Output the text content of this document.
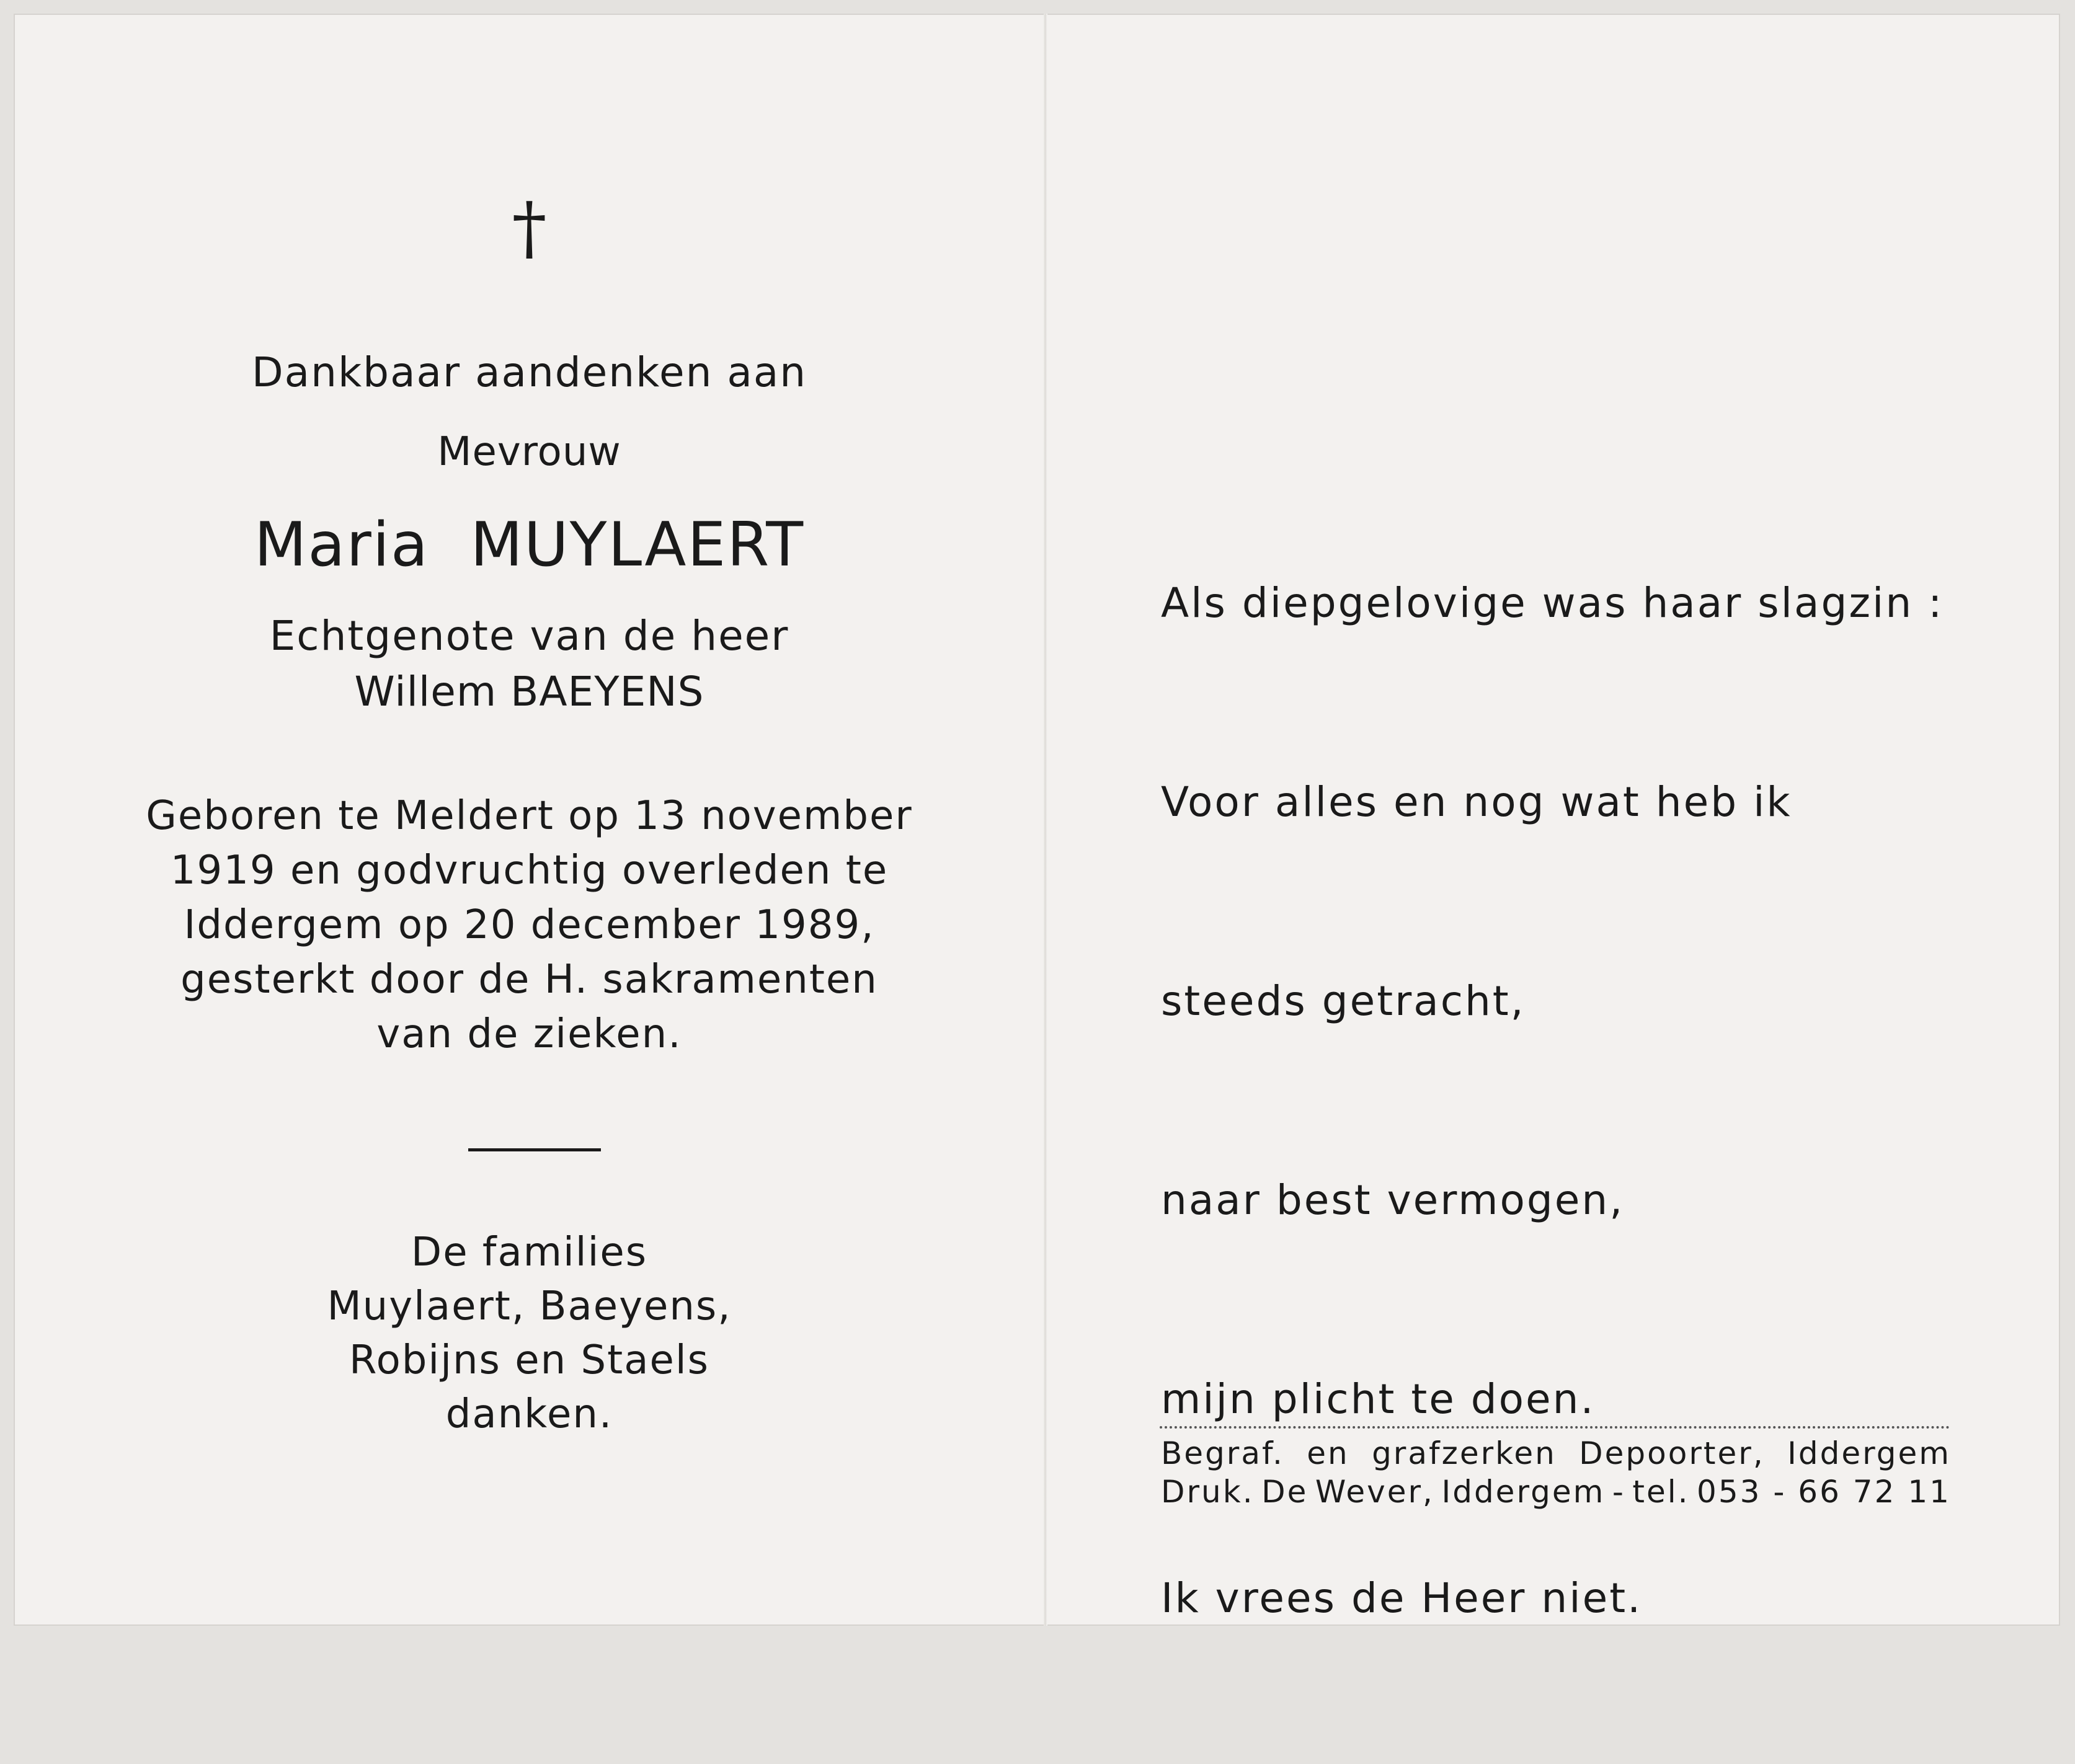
†
Dankbaar aandenken aan
Mevrouw
Maria  MUYLAERT
Echtgenote van de heer
Willem BAEYENS
Geboren te Meldert op 13 november
1919 en godvruchtig overleden te
Iddergem op 20 december 1989,
gesterkt door de H. sakramenten
van de zieken.
De families
Muylaert, Baeyens,
Robijns en Staels
danken.

Als diepgelovige was haar slagzin :

Voor alles en nog wat heb ik

steeds getracht,

naar best vermogen,

mijn plicht te doen.

Ik vrees de Heer niet.

Begraf. en grafzerken Depoorter, Iddergem
Druk. De Wever, Iddergem - tel. 053 - 66 72 11
